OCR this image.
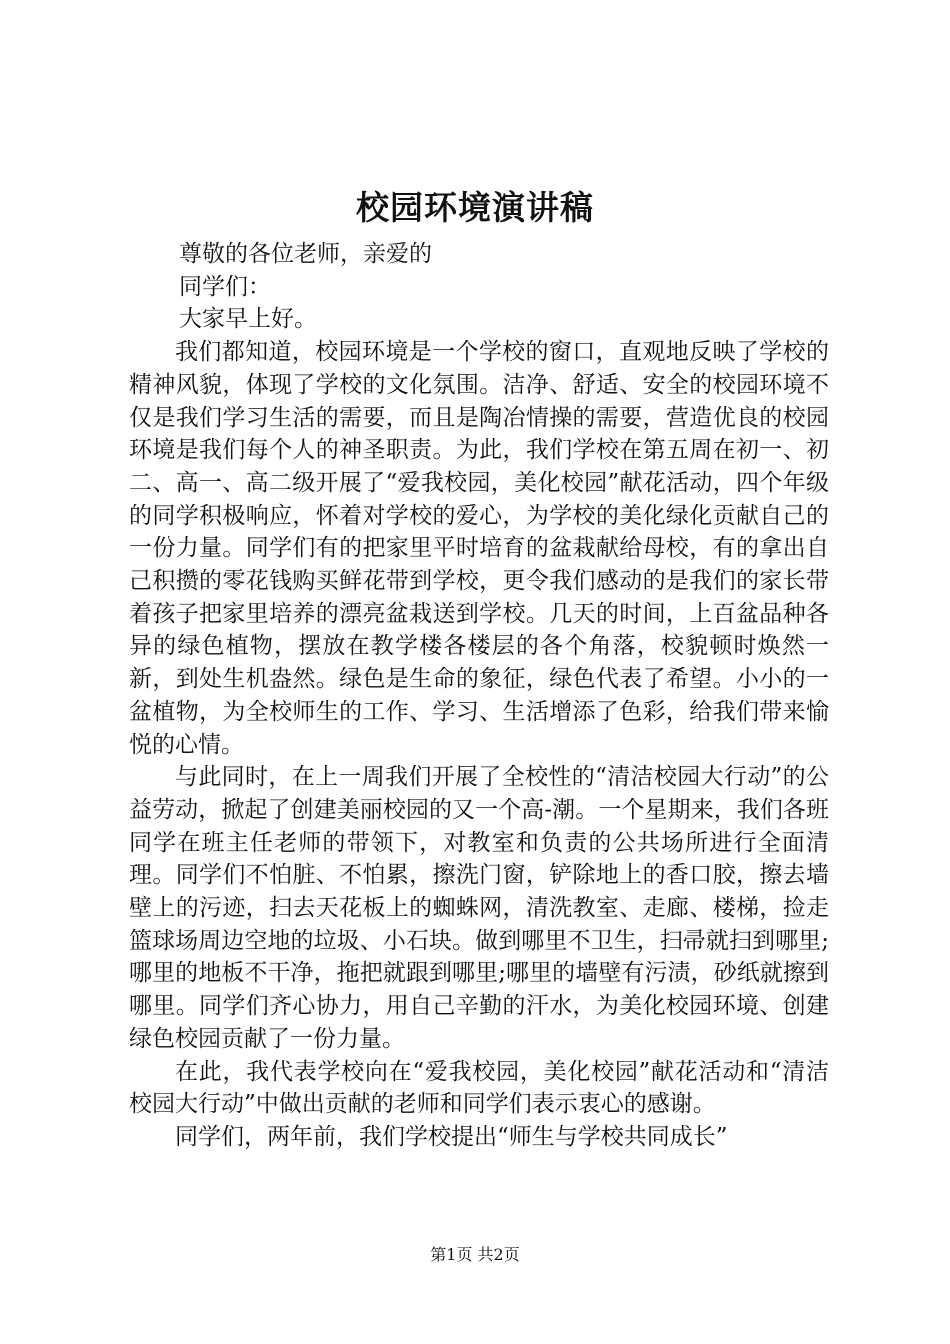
校园环境演讲稿

尊敬的各位老师，亲爱的

同学们：

大家早上好。

我们都知道，校园环境是一个学校的窗口，直观地反映了学校的精神风貌，体现了学校的文化氛围。洁净、舒适、安全的校园环境不仅是我们学习生活的需要，而且是陶冶情操的需要，营造优良的校园环境是我们每个人的神圣职责。为此，我们学校在第五周在初一、初二、高一、高二级开展了“爱我校园，美化校园”献花活动，四个年级的同学积极响应，怀着对学校的爱心，为学校的美化绿化贡献自己的一份力量。同学们有的把家里平时培育的盆栽献给母校，有的拿出自己积攒的零花钱购买鲜花带到学校，更令我们感动的是我们的家长带着孩子把家里培养的漂亮盆栽送到学校。几天的时间，上百盆品种各异的绿色植物，摆放在教学楼各楼层的各个角落，校貌顿时焕然一新，到处生机盎然。绿色是生命的象征，绿色代表了希望。小小的一盆植物，为全校师生的工作、学习、生活增添了色彩，给我们带来愉悦的心情。

与此同时，在上一周我们开展了全校性的“清洁校园大行动”的公益劳动，掀起了创建美丽校园的又一个高-潮。一个星期来，我们各班同学在班主任老师的带领下，对教室和负责的公共场所进行全面清理。同学们不怕脏、不怕累，擦洗门窗，铲除地上的香口胶，擦去墙壁上的污迹，扫去天花板上的蜘蛛网，清洗教室、走廊、楼梯，捡走篮球场周边空地的垃圾、小石块。做到哪里不卫生，扫帚就扫到哪里;哪里的地板不干净，拖把就跟到哪里;哪里的墙壁有污渍，砂纸就擦到哪里。同学们齐心协力，用自己辛勤的汗水，为美化校园环境、创建绿色校园贡献了一份力量。

在此，我代表学校向在“爱我校园，美化校园”献花活动和“清洁校园大行动”中做出贡献的老师和同学们表示衷心的感谢。

同学们，两年前，我们学校提出“师生与学校共同成长”

第1页 共2页
